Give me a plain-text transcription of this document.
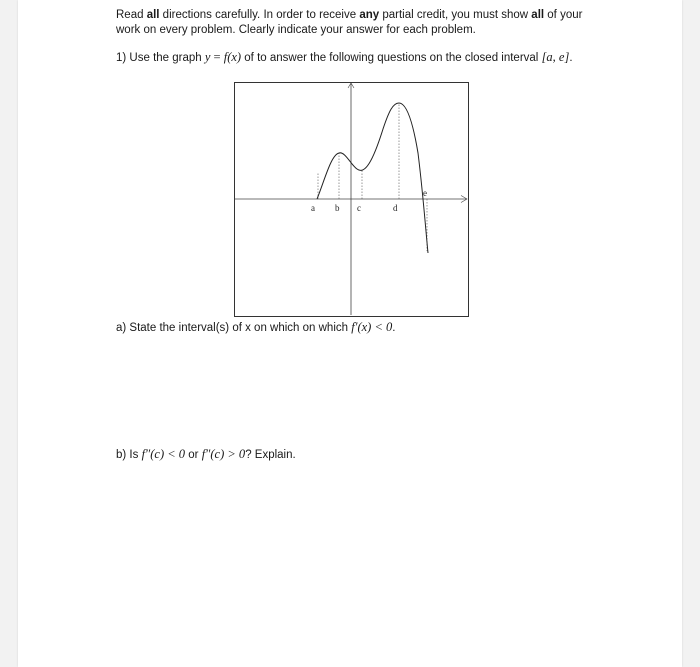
Read all directions carefully. In order to receive any partial credit, you must show all of your work on every problem. Clearly indicate your answer for each problem.

1) Use the graph y = f(x) of to answer the following questions on the closed interval [a, e].

a b c	d
e

a) State the interval(s) of x on which on which f′(x) < 0.

b) Is f″(c) < 0 or f″(c) > 0? Explain.
